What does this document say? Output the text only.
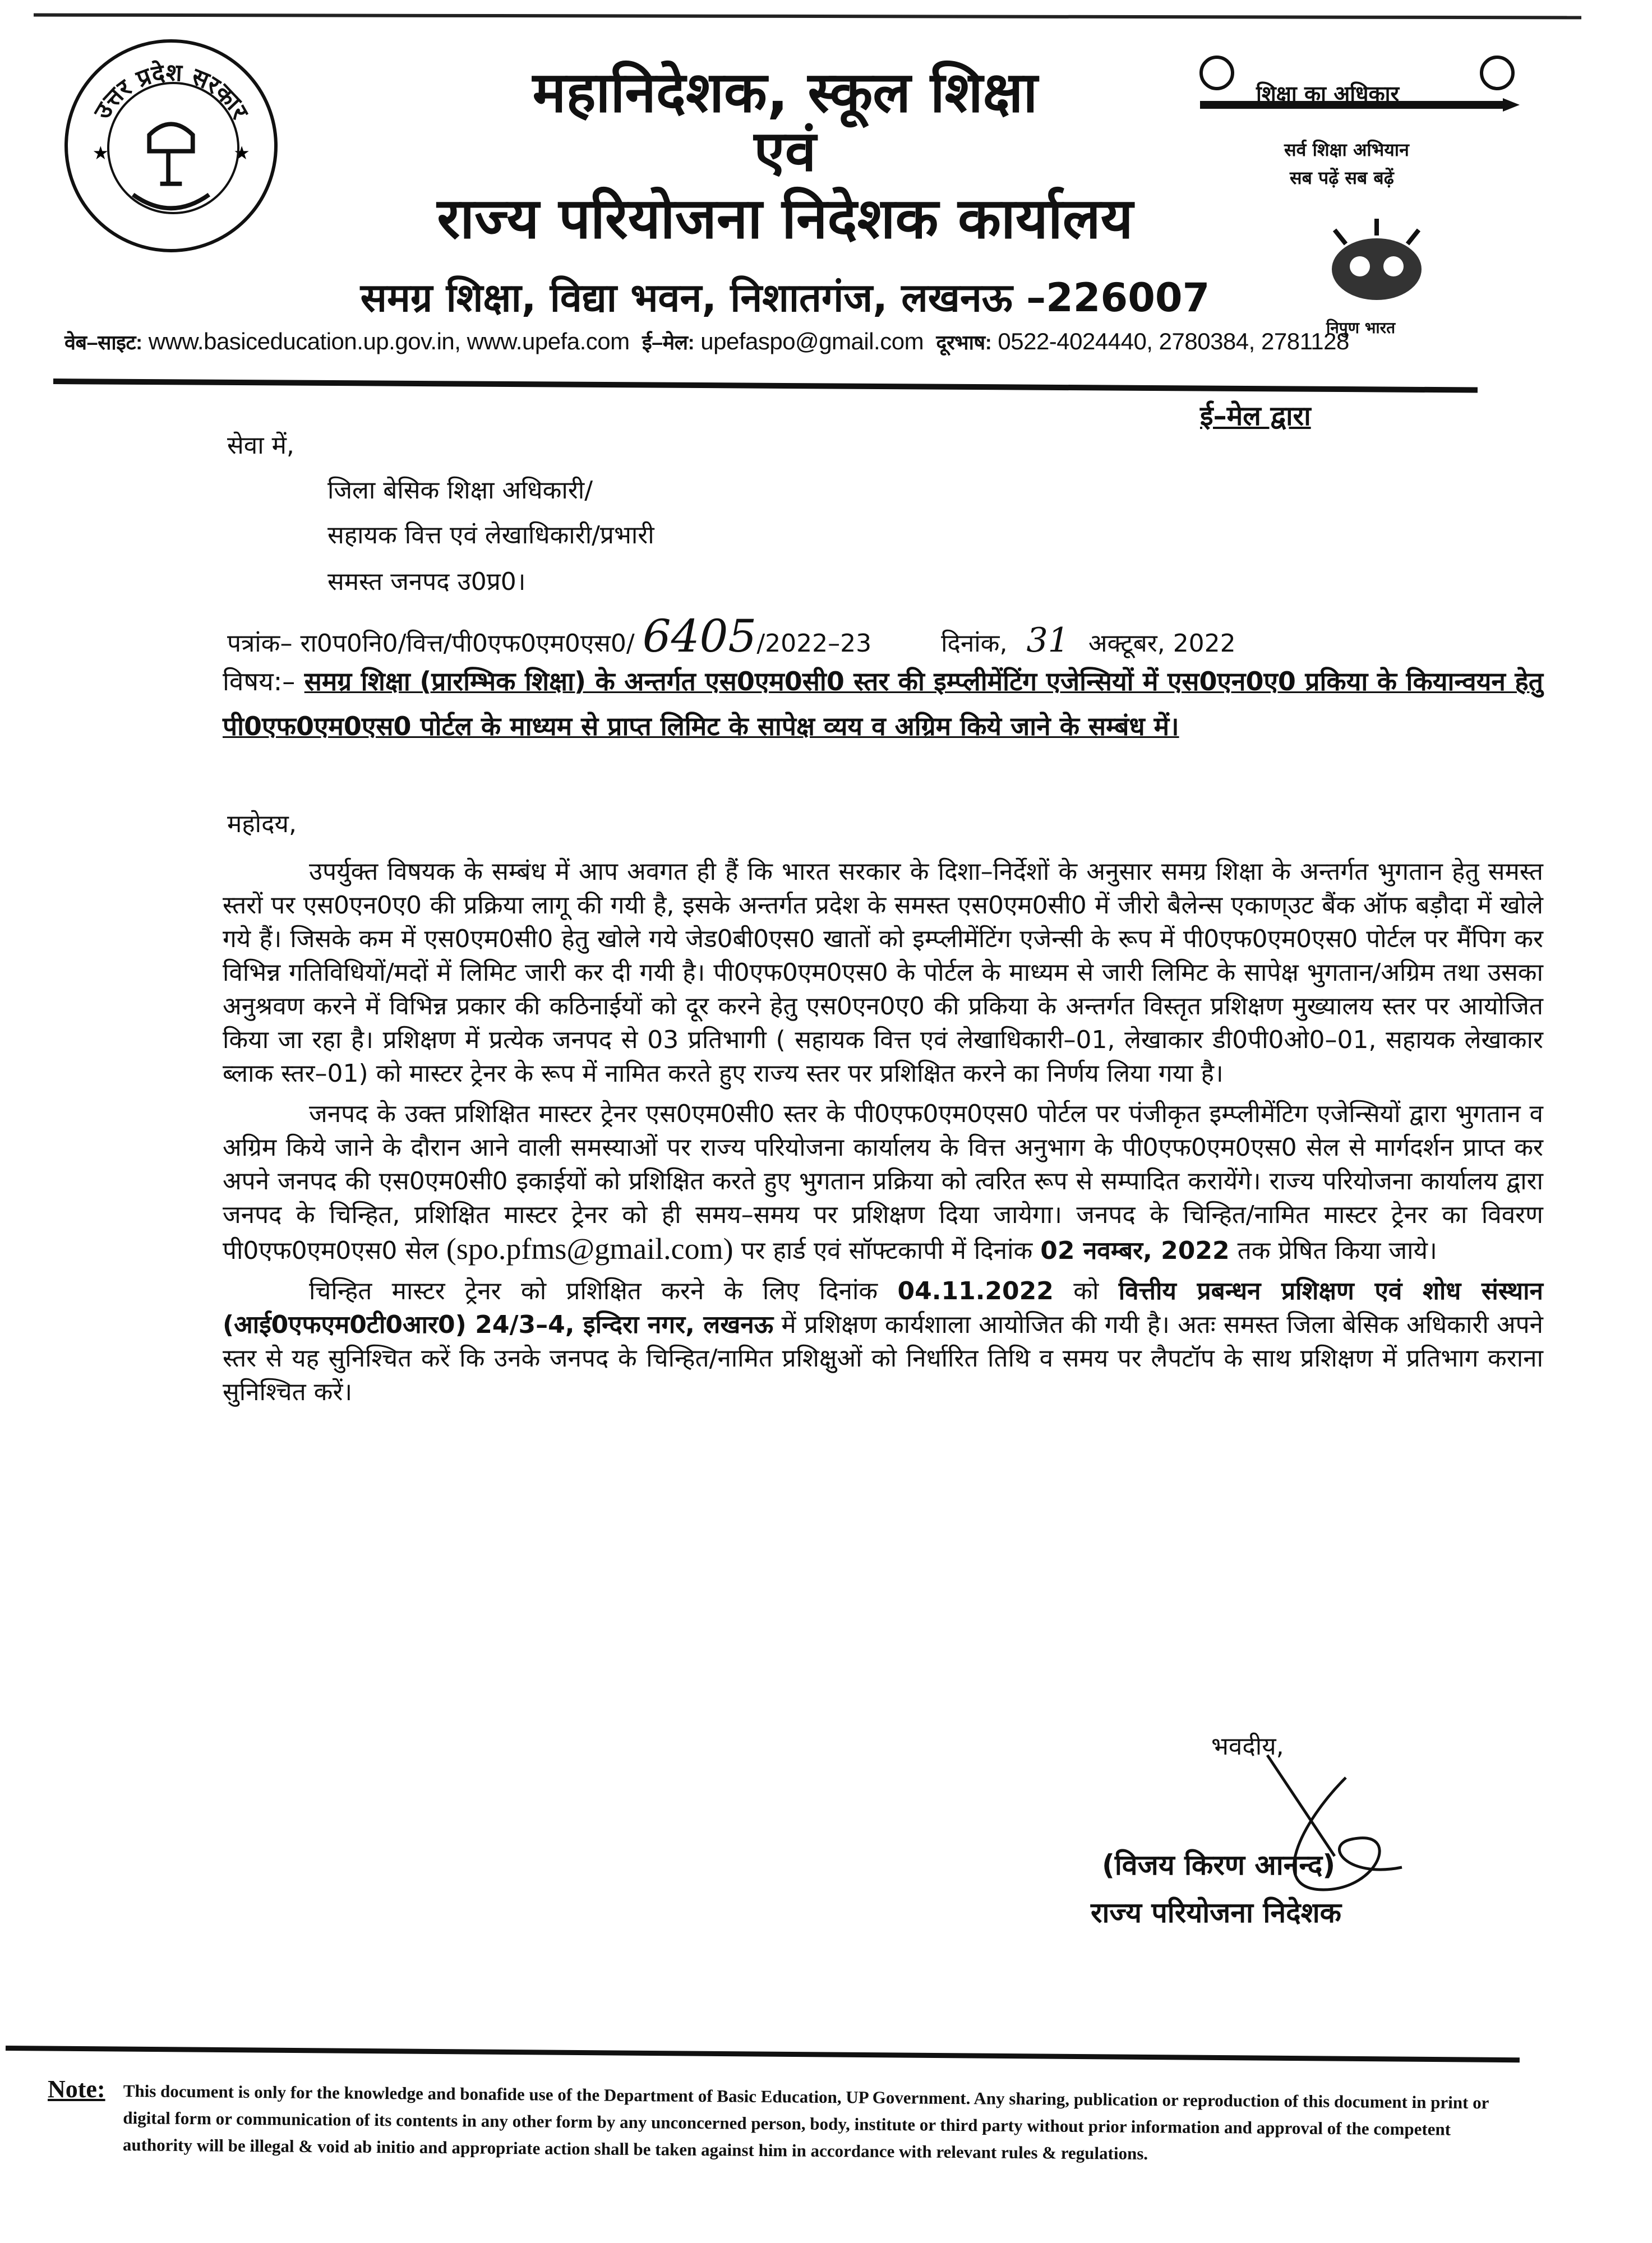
उत्तर प्रदेश सरकार
★	★
महानिदेशक, स्कूल शिक्षा
एवं
राज्य परियोजना निदेशक कार्यालय
समग्र शिक्षा, विद्या भवन, निशातगंज, लखनऊ –226007
शिक्षा का अधिकार
सर्व शिक्षा अभियान
सब पढ़ें सब बढ़ें
निपुण भारत
वेब–साइट: www.basiceducation.up.gov.in, www.upefa.com ई–मेल: upefaspo@gmail.com दूरभाष: 0522-4024440, 2780384, 2781128
ई–मेल द्वारा
सेवा में,
जिला बेसिक शिक्षा अधिकारी/
सहायक वित्त एवं लेखाधिकारी/प्रभारी
समस्त जनपद उ0प्र0।
पत्रांक– रा0प0नि0/वित्त/पी0एफ0एम0एस0/ 6405/2022–23	दिनांक, 31 अक्टूबर, 2022
विषय:– समग्र शिक्षा (प्रारम्भिक शिक्षा) के अन्तर्गत एस0एम0सी0 स्तर की इम्प्लीमेंटिंग एजेन्सियों में एस0एन0ए0 प्रकिया के कियान्वयन हेतु पी0एफ0एम0एस0 पोर्टल के माध्यम से प्राप्त लिमिट के सापेक्ष व्यय व अग्रिम किये जाने के सम्बंध में।
महोदय,

उपर्युक्त विषयक के सम्बंध में आप अवगत ही हैं कि भारत सरकार के दिशा–निर्देशों के अनुसार समग्र शिक्षा के अन्तर्गत भुगतान हेतु समस्त स्तरों पर एस0एन0ए0 की प्रक्रिया लागू की गयी है, इसके अन्तर्गत प्रदेश के समस्त एस0एम0सी0 में जीरो बैलेन्स एकाण्उट बैंक ऑफ बड़ौदा में खोले गये हैं। जिसके कम में एस0एम0सी0 हेतु खोले गये जेड0बी0एस0 खातों को इम्प्लीमेंटिंग एजेन्सी के रूप में पी0एफ0एम0एस0 पोर्टल पर मैंपिग कर विभिन्न गतिविधियों/मदों में लिमिट जारी कर दी गयी है। पी0एफ0एम0एस0 के पोर्टल के माध्यम से जारी लिमिट के सापेक्ष भुगतान/अग्रिम तथा उसका अनुश्रवण करने में विभिन्न प्रकार की कठिनाईयों को दूर करने हेतु एस0एन0ए0 की प्रकिया के अन्तर्गत विस्तृत प्रशिक्षण मुख्यालय स्तर पर आयोजित किया जा रहा है। प्रशिक्षण में प्रत्येक जनपद से 03 प्रतिभागी ( सहायक वित्त एवं लेखाधिकारी–01, लेखाकार डी0पी0ओ0–01, सहायक लेखाकार ब्लाक स्तर–01) को मास्टर ट्रेनर के रूप में नामित करते हुए राज्य स्तर पर प्रशिक्षित करने का निर्णय लिया गया है।

जनपद के उक्त प्रशिक्षित मास्टर ट्रेनर एस0एम0सी0 स्तर के पी0एफ0एम0एस0 पोर्टल पर पंजीकृत इम्प्लीमेंटिग एजेन्सियों द्वारा भुगतान व अग्रिम किये जाने के दौरान आने वाली समस्याओं पर राज्य परियोजना कार्यालय के वित्त अनुभाग के पी0एफ0एम0एस0 सेल से मार्गदर्शन प्राप्त कर अपने जनपद की एस0एम0सी0 इकाईयों को प्रशिक्षित करते हुए भुगतान प्रक्रिया को त्वरित रूप से सम्पादित करायेंगे। राज्य परियोजना कार्यालय द्वारा जनपद के चिन्हित, प्रशिक्षित मास्टर ट्रेनर को ही समय–समय पर प्रशिक्षण दिया जायेगा। जनपद के चिन्हित/नामित मास्टर ट्रेनर का विवरण पी0एफ0एम0एस0 सेल (spo.pfms@gmail.com) पर हार्ड एवं सॉफ्टकापी में दिनांक 02 नवम्बर, 2022 तक प्रेषित किया जाये।

चिन्हित मास्टर ट्रेनर को प्रशिक्षित करने के लिए दिनांक 04.11.2022 को वित्तीय प्रबन्धन प्रशिक्षण एवं शोध संस्थान (आई0एफएम0टी0आर0) 24/3–4, इन्दिरा नगर, लखनऊ में प्रशिक्षण कार्यशाला आयोजित की गयी है। अतः समस्त जिला बेसिक अधिकारी अपने स्तर से यह सुनिश्चित करें कि उनके जनपद के चिन्हित/नामित प्रशिक्षुओं को निर्धारित तिथि व समय पर लैपटॉप के साथ प्रशिक्षण में प्रतिभाग कराना सुनिश्चित करें।

भवदीय,
(विजय किरण आनन्द)
राज्य परियोजना निदेशक
Note: This document is only for the knowledge and bonafide use of the Department of Basic Education, UP Government. Any sharing, publication or reproduction of this document in print or digital form or communication of its contents in any other form by any unconcerned person, body, institute or third party without prior information and approval of the competent authority will be illegal & void ab initio and appropriate action shall be taken against him in accordance with relevant rules & regulations.
